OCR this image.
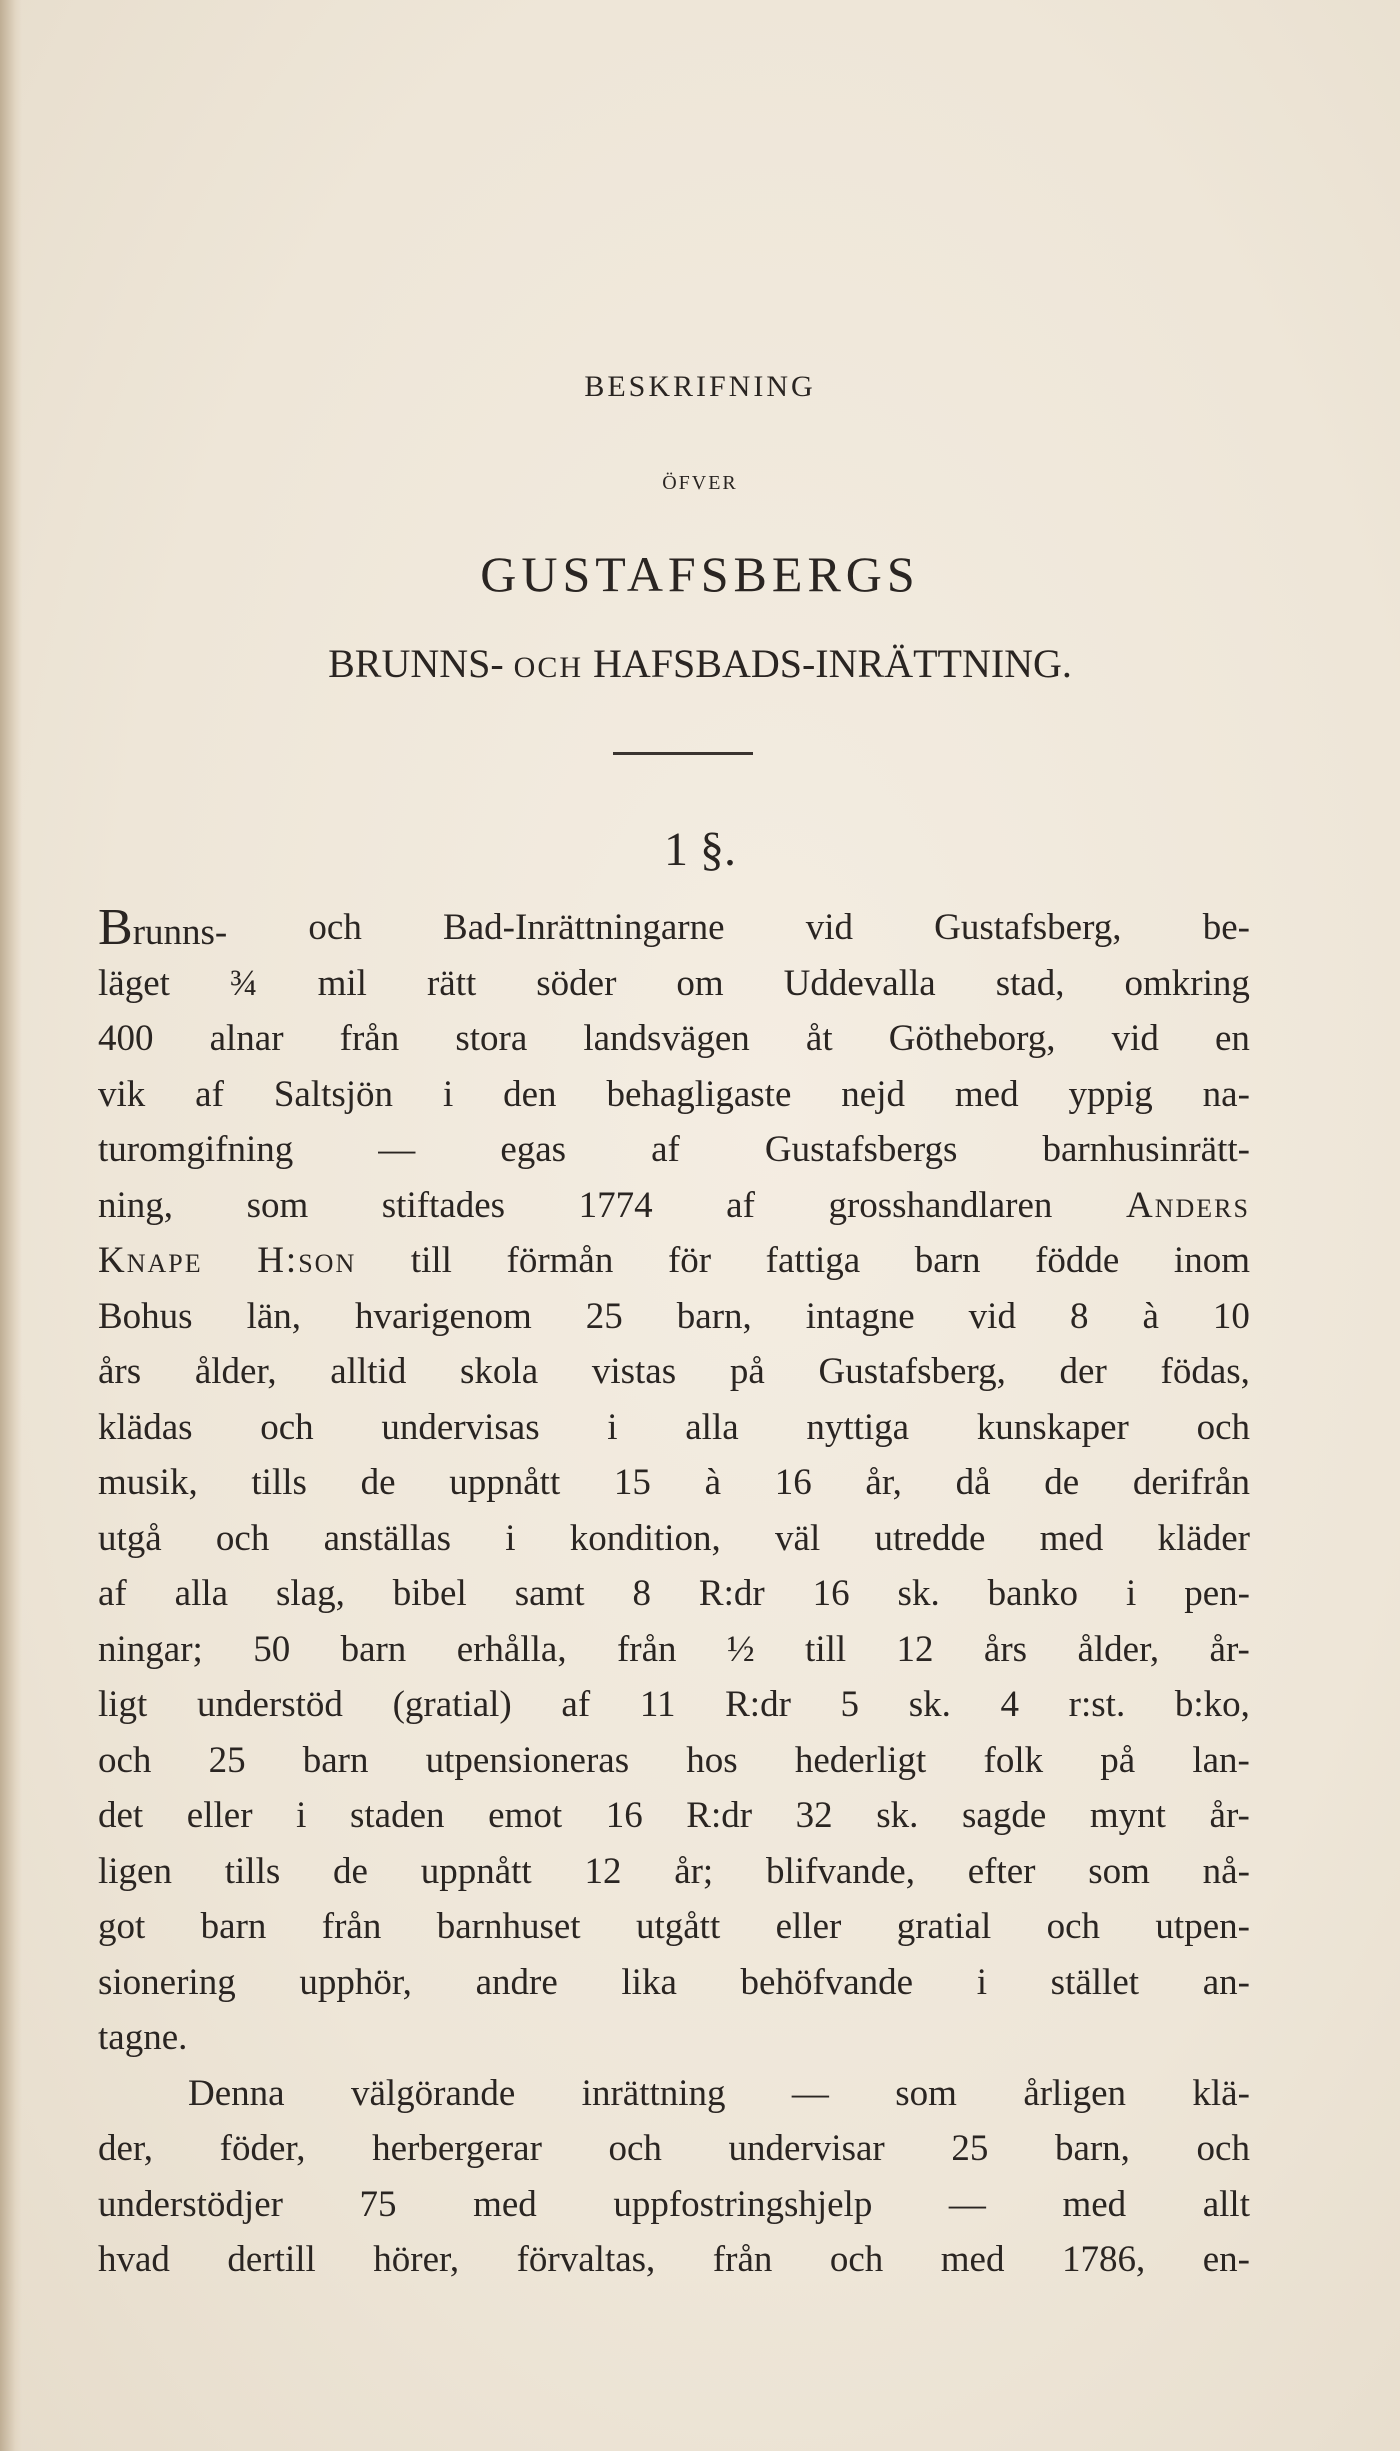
BESKRIFNING
ÖFVER
GUSTAFSBERGS
BRUNNS- OCH HAFSBADS-INRÄTTNING.
1 §.
Brunns- och Bad-Inrättningarne vid Gustafsberg, be-
läget ¾ mil rätt söder om Uddevalla stad, omkring
400 alnar från stora landsvägen åt Götheborg, vid en
vik af Saltsjön i den behagligaste nejd med yppig na-
turomgifning — egas af Gustafsbergs barnhusinrätt-
ning, som stiftades 1774 af grosshandlaren Anders
Knape H:son till förmån för fattiga barn födde inom
Bohus län, hvarigenom 25 barn, intagne vid 8 à 10
års ålder, alltid skola vistas på Gustafsberg, der födas,
klädas och undervisas i alla nyttiga kunskaper och
musik, tills de uppnått 15 à 16 år, då de derifrån
utgå och anställas i kondition, väl utredde med kläder
af alla slag, bibel samt 8 R:dr 16 sk. banko i pen-
ningar; 50 barn erhålla, från ½ till 12 års ålder, år-
ligt understöd (gratial) af 11 R:dr 5 sk. 4 r:st. b:ko,
och 25 barn utpensioneras hos hederligt folk på lan-
det eller i staden emot 16 R:dr 32 sk. sagde mynt år-
ligen tills de uppnått 12 år; blifvande, efter som nå-
got barn från barnhuset utgått eller gratial och utpen-
sionering upphör, andre lika behöfvande i stället an-
tagne.
Denna välgörande inrättning — som årligen klä-
der, föder, herbergerar och undervisar 25 barn, och
understödjer 75 med uppfostringshjelp — med allt
hvad dertill hörer, förvaltas, från och med 1786, en-
